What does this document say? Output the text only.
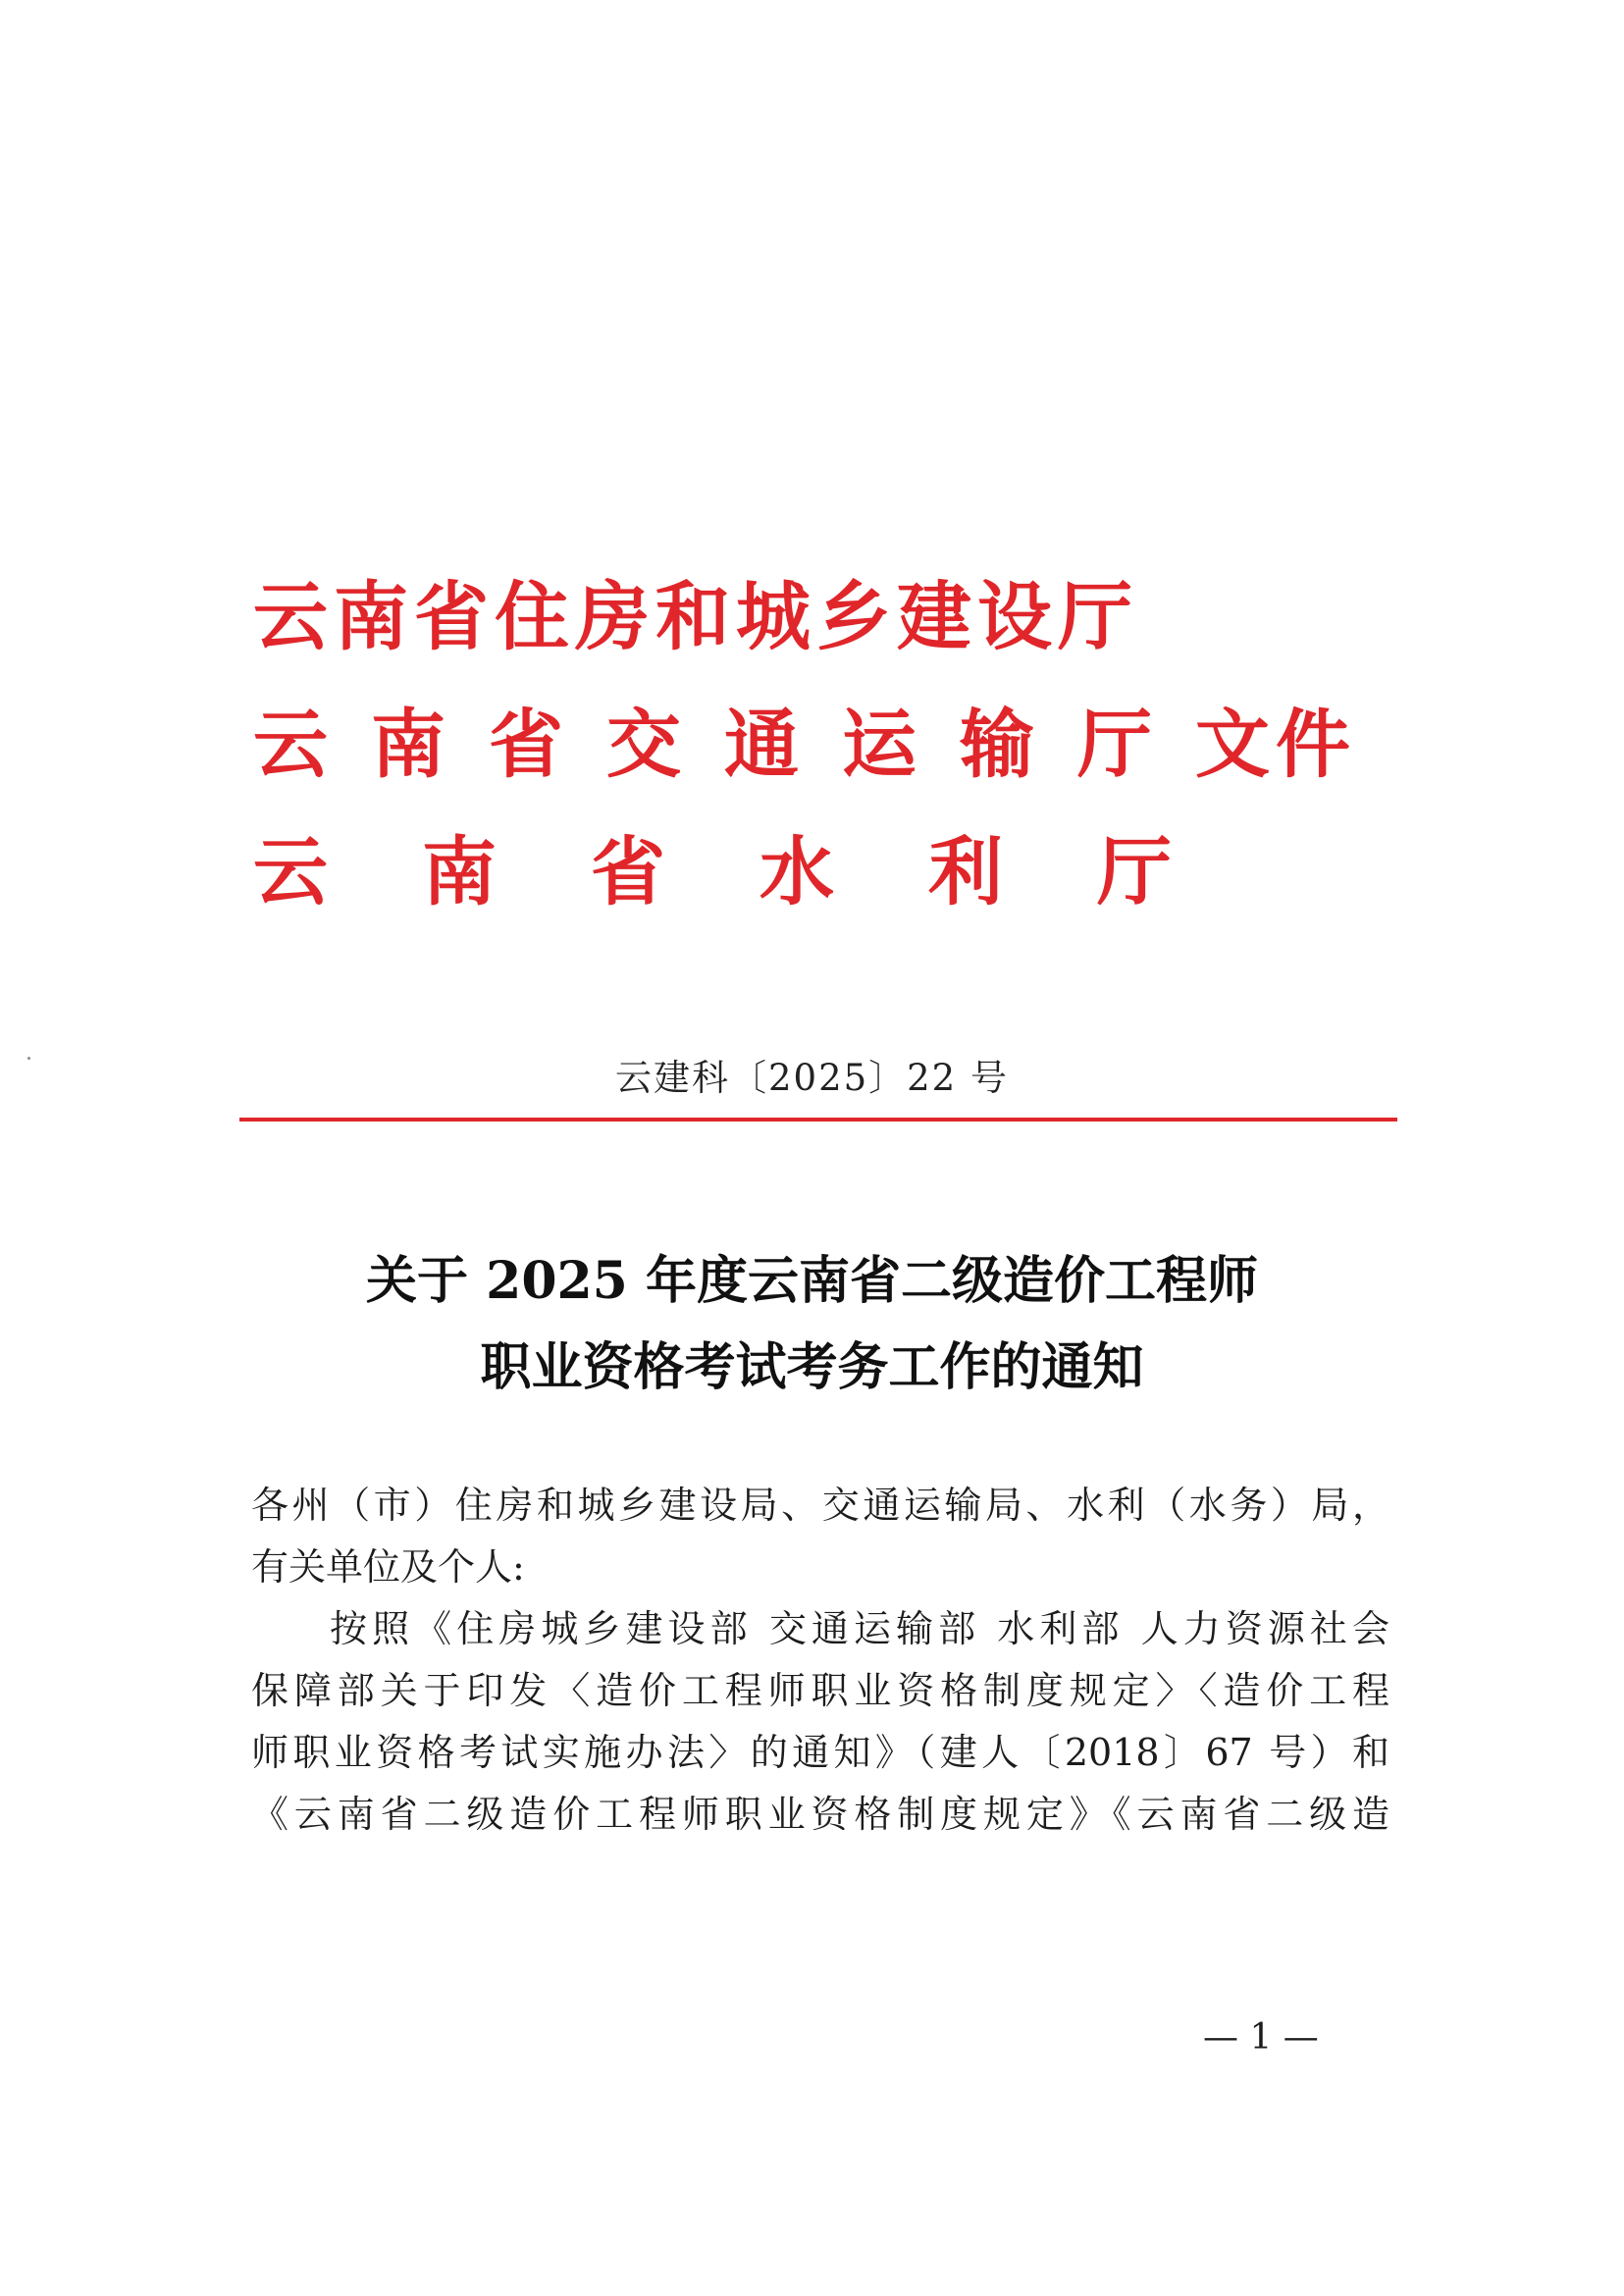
云南省住房和城乡建设厅
云 南 省 交 通 运 输 厅 文件
云 南 省 水 利 厅
云建科〔2025〕22 号
关于 2025 年度云南省二级造价工程师
职业资格考试考务工作的通知
各州（市）住房和城乡建设局、交通运输局、水利（水务）局，
有关单位及个人:
按照《住房城乡建设部 交通运输部 水利部 人力资源社会
保障部关于印发〈造价工程师职业资格制度规定〉〈造价工程
师职业资格考试实施办法〉的通知》（建人〔2018〕67 号）和
《云南省二级造价工程师职业资格制度规定》《云南省二级造
— 1 —
